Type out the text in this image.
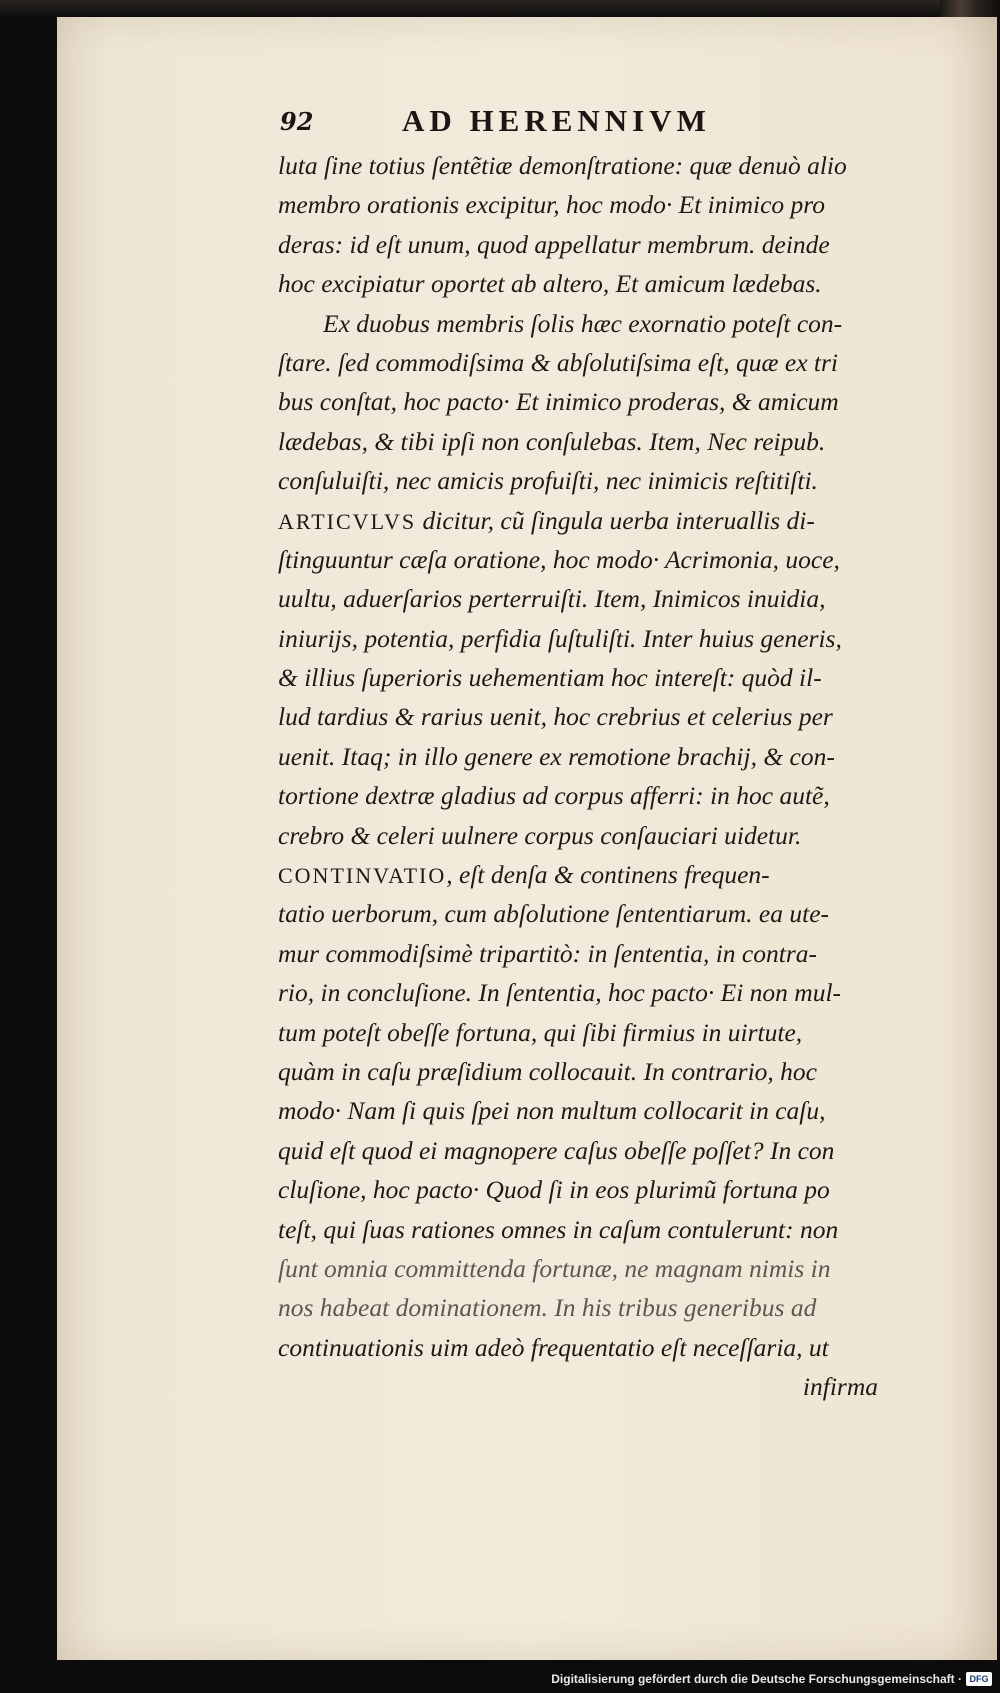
92	AD HERENNIVM
luta ſine totius ſentẽtiæ demonſtratione: quæ denuò alio
membro orationis excipitur, hoc modo· Et inimico pro
deras: id eſt unum, quod appellatur membrum. deinde
hoc excipiatur oportet ab altero, Et amicum lædebas.
Ex duobus membris ſolis hæc exornatio poteſt con-
ſtare. ſed commodiſsima & abſolutiſsima eſt, quæ ex tri
bus conſtat, hoc pacto· Et inimico proderas, & amicum
lædebas, & tibi ipſi non conſulebas. Item, Nec reipub.
conſuluiſti, nec amicis profuiſti, nec inimicis reſtitiſti.
ARTICVLVS dicitur, cũ ſingula uerba interuallis di-
ſtinguuntur cæſa oratione, hoc modo· Acrimonia, uoce,
uultu, aduerſarios perterruiſti. Item, Inimicos inuidia,
iniurijs, potentia, perfidia ſuſtuliſti. Inter huius generis,
& illius ſuperioris uehementiam hoc intereſt: quòd il-
lud tardius & rarius uenit, hoc crebrius et celerius per
uenit. Itaq; in illo genere ex remotione brachij, & con-
tortione dextræ gladius ad corpus afferri: in hoc autẽ,
crebro & celeri uulnere corpus conſauciari uidetur.
CONTINVATIO, eſt denſa & continens frequen-
tatio uerborum, cum abſolutione ſententiarum. ea ute-
mur commodiſsimè tripartitò: in ſententia, in contra-
rio, in concluſione. In ſententia, hoc pacto· Ei non mul-
tum poteſt obeſſe fortuna, qui ſibi firmius in uirtute,
quàm in caſu præſidium collocauit. In contrario, hoc
modo· Nam ſi quis ſpei non multum collocarit in caſu,
quid eſt quod ei magnopere caſus obeſſe poſſet? In con
cluſione, hoc pacto· Quod ſi in eos plurimũ fortuna po
teſt, qui ſuas rationes omnes in caſum contulerunt: non
ſunt omnia committenda fortunæ, ne magnam nimis in
nos habeat dominationem. In his tribus generibus ad
continuationis uim adeò frequentatio eſt neceſſaria, ut
infirma
Digitalisierung gefördert durch die Deutsche Forschungsgemeinschaft · DFG
